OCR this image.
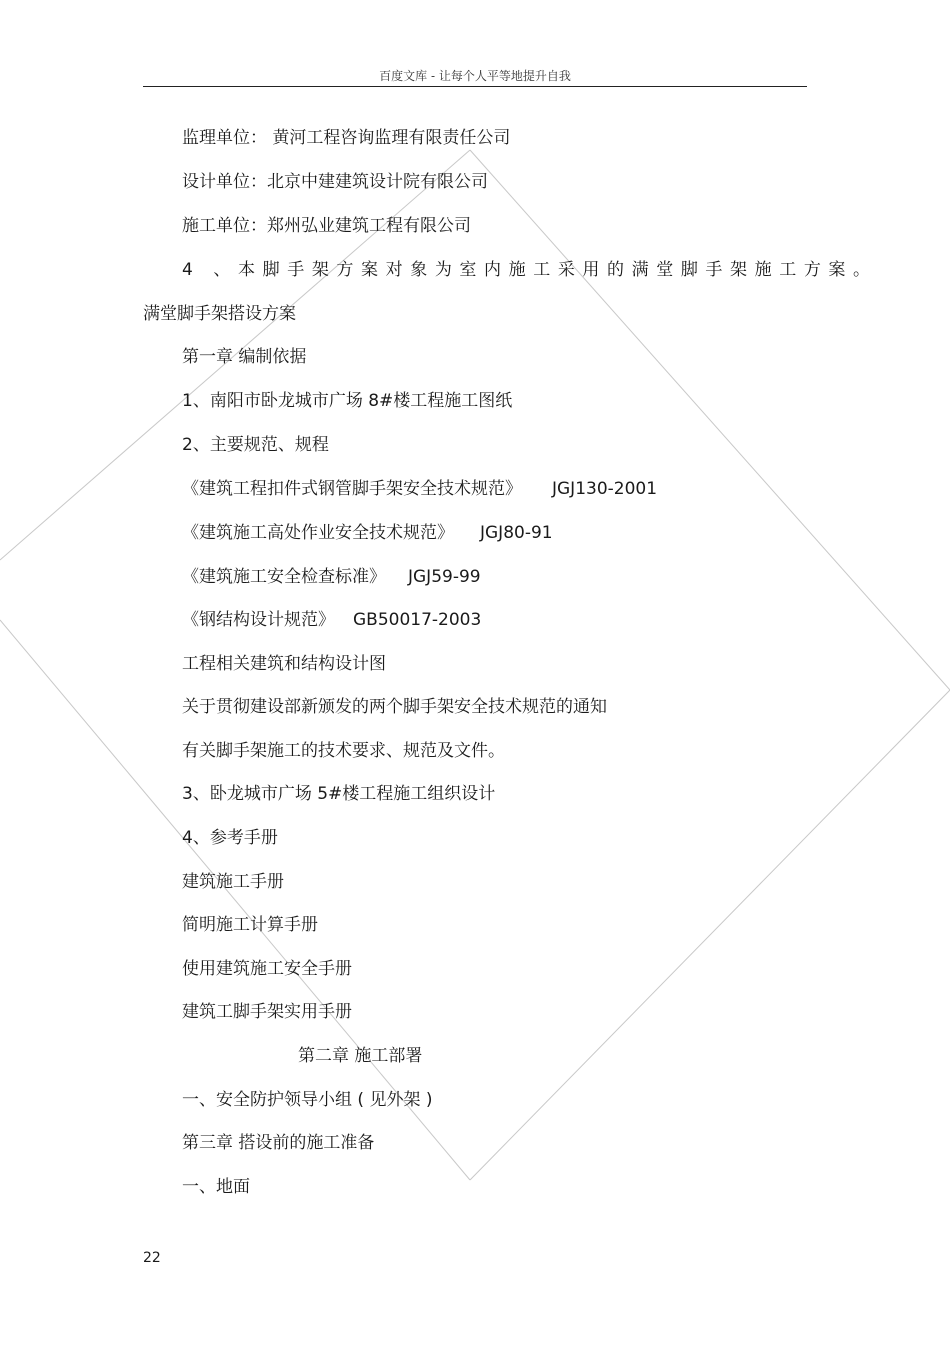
百度文库 - 让每个人平等地提升自我
监理单位： 黄河工程咨询监理有限责任公司
设计单位：北京中建建筑设计院有限公司
施工单位：郑州弘业建筑工程有限公司
4 、本脚手架方案对象为室内施工采用的满堂脚手架施工方案。
满堂脚手架搭设方案
第一章 编制依据
1、南阳市卧龙城市广场 8#楼工程施工图纸
2、主要规范、规程
《建筑工程扣件式钢管脚手架安全技术规范》 JGJ130-2001
《建筑施工高处作业安全技术规范》 JGJ80-91
《建筑施工安全检查标准》 JGJ59-99
《钢结构设计规范》 GB50017-2003
工程相关建筑和结构设计图
关于贯彻建设部新颁发的两个脚手架安全技术规范的通知
有关脚手架施工的技术要求、规范及文件。
3、卧龙城市广场 5#楼工程施工组织设计
4、参考手册
建筑施工手册
简明施工计算手册
使用建筑施工安全手册
建筑工脚手架实用手册
第二章 施工部署
一、安全防护领导小组 ( 见外架 )
第三章 搭设前的施工准备
一、地面
22
